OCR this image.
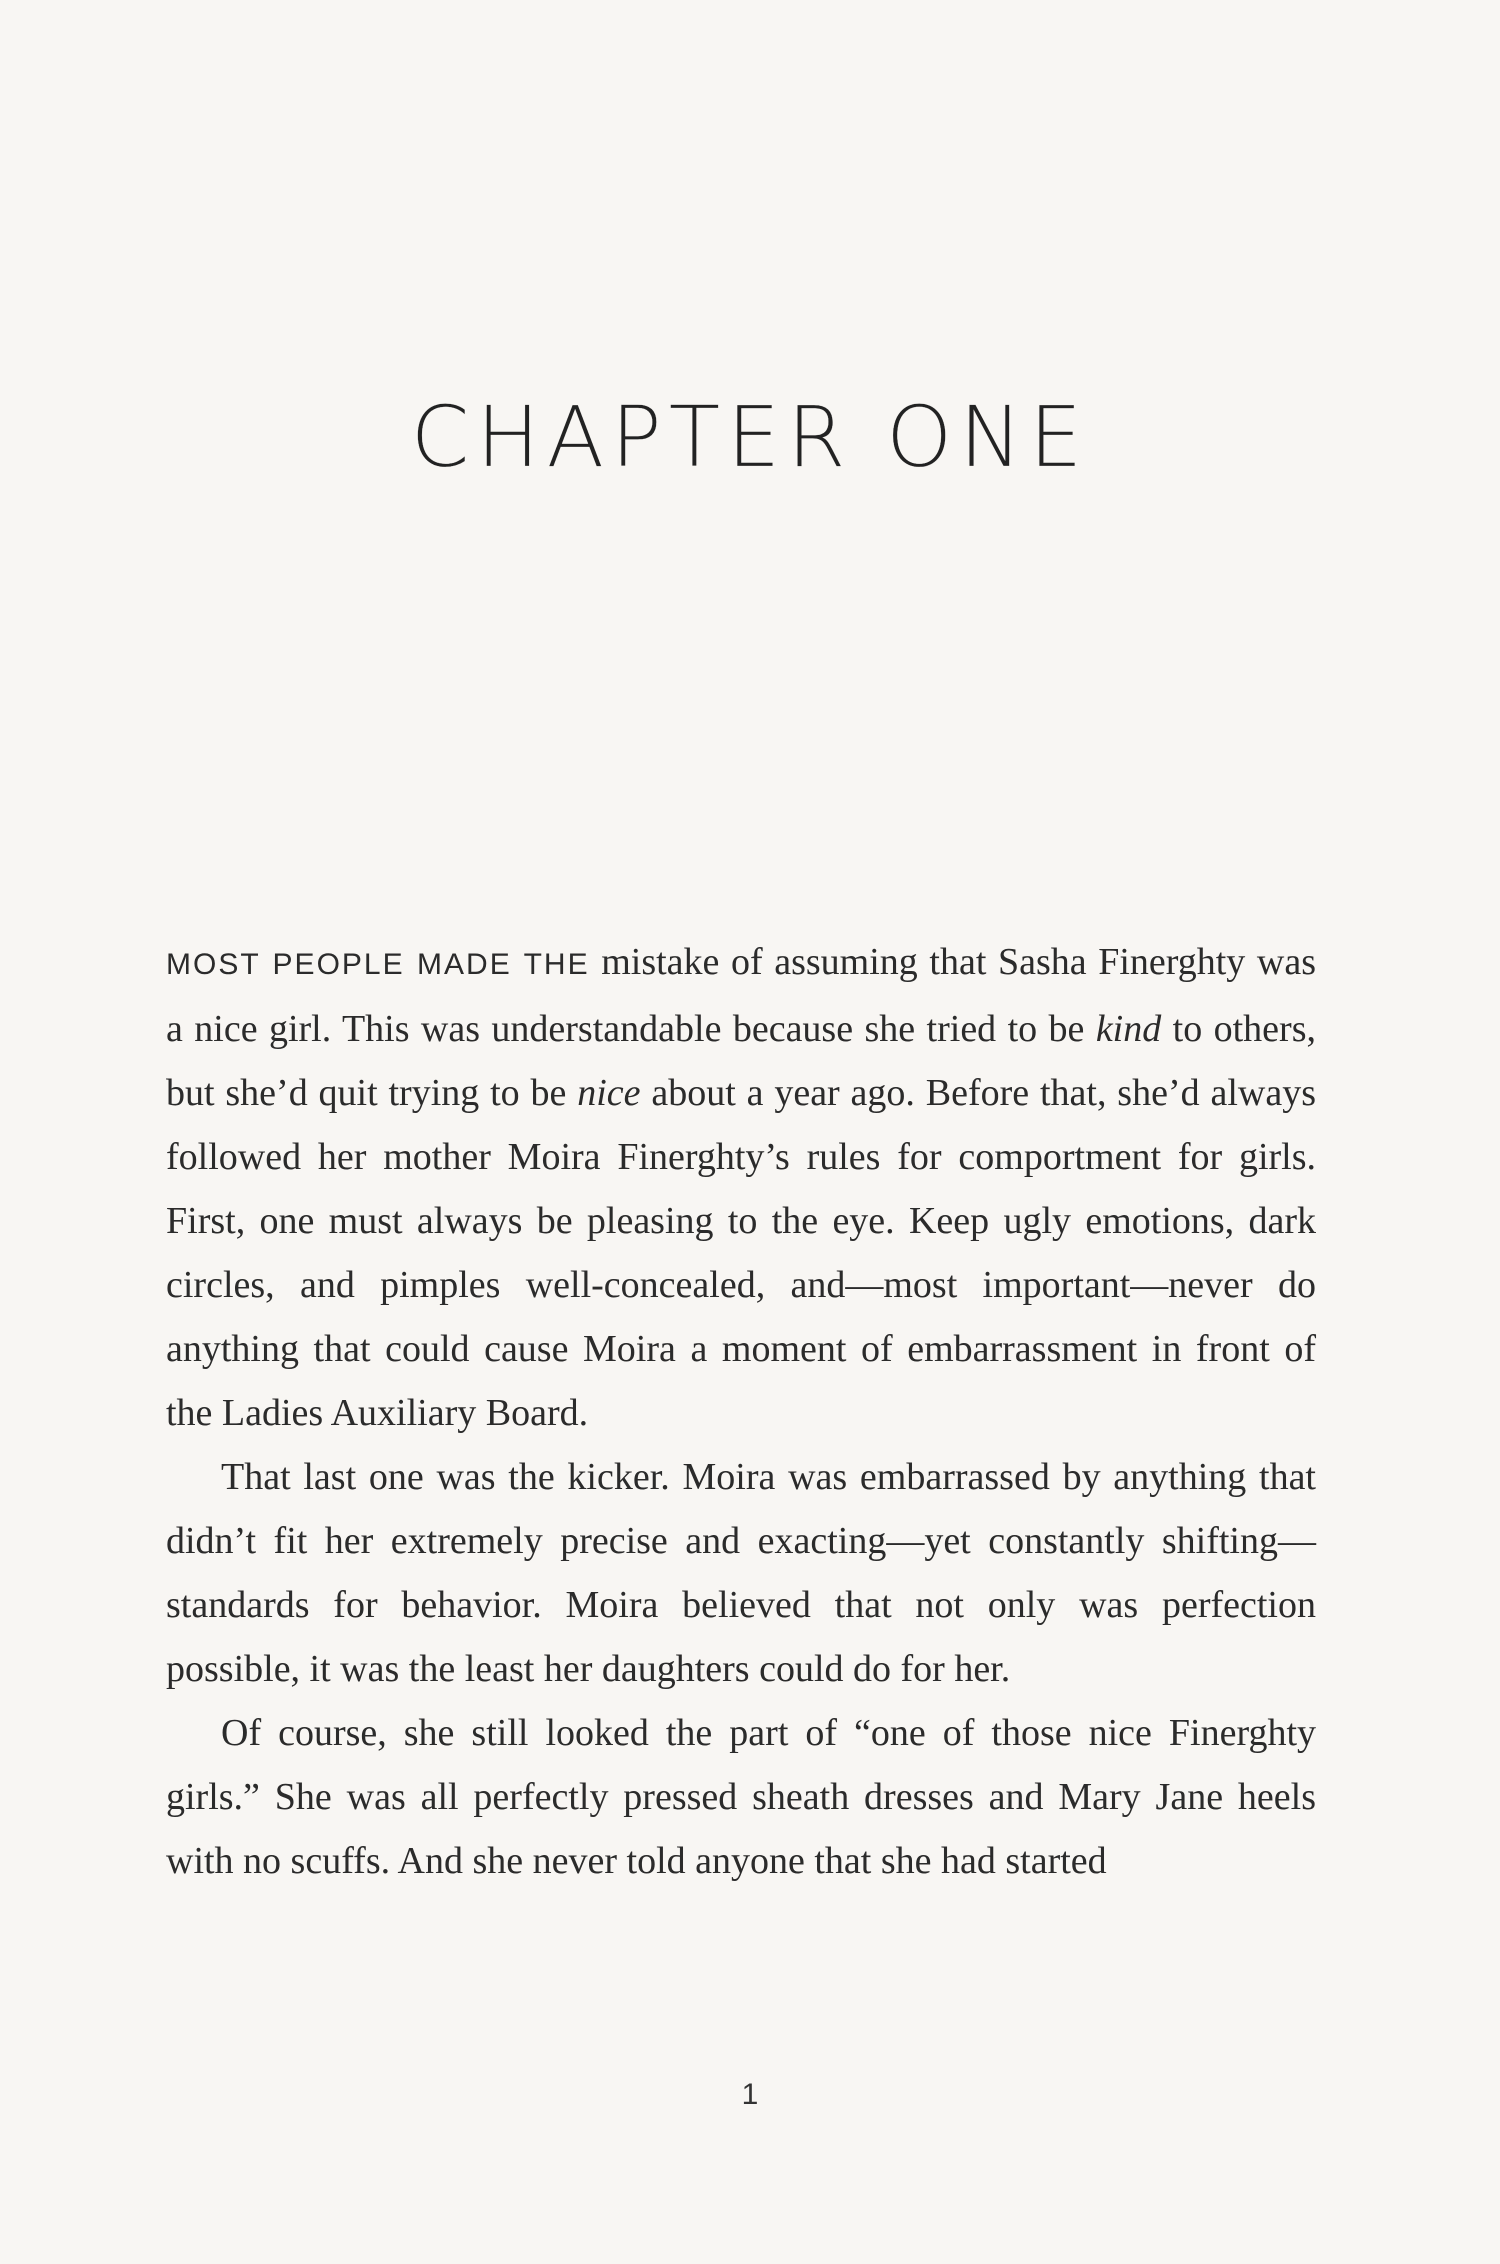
CHAPTER ONE

MOST PEOPLE MADE THE mistake of assuming that Sasha Finerghty was a nice girl. This was understandable because she tried to be kind to others, but she’d quit trying to be nice about a year ago. Before that, she’d always followed her mother Moira Finerghty’s rules for comportment for girls. First, one must always be pleasing to the eye. Keep ugly emotions, dark circles, and pimples well-concealed, and—most important—never do anything that could cause Moira a moment of embarrassment in front of the Ladies Auxiliary Board.

That last one was the kicker. Moira was embarrassed by anything that didn’t fit her extremely precise and exacting—yet constantly shifting—standards for behavior. Moira believed that not only was perfection possible, it was the least her daughters could do for her.

Of course, she still looked the part of “one of those nice Finerghty girls.” She was all perfectly pressed sheath dresses and Mary Jane heels with no scuffs. And she never told anyone that she had started

1
